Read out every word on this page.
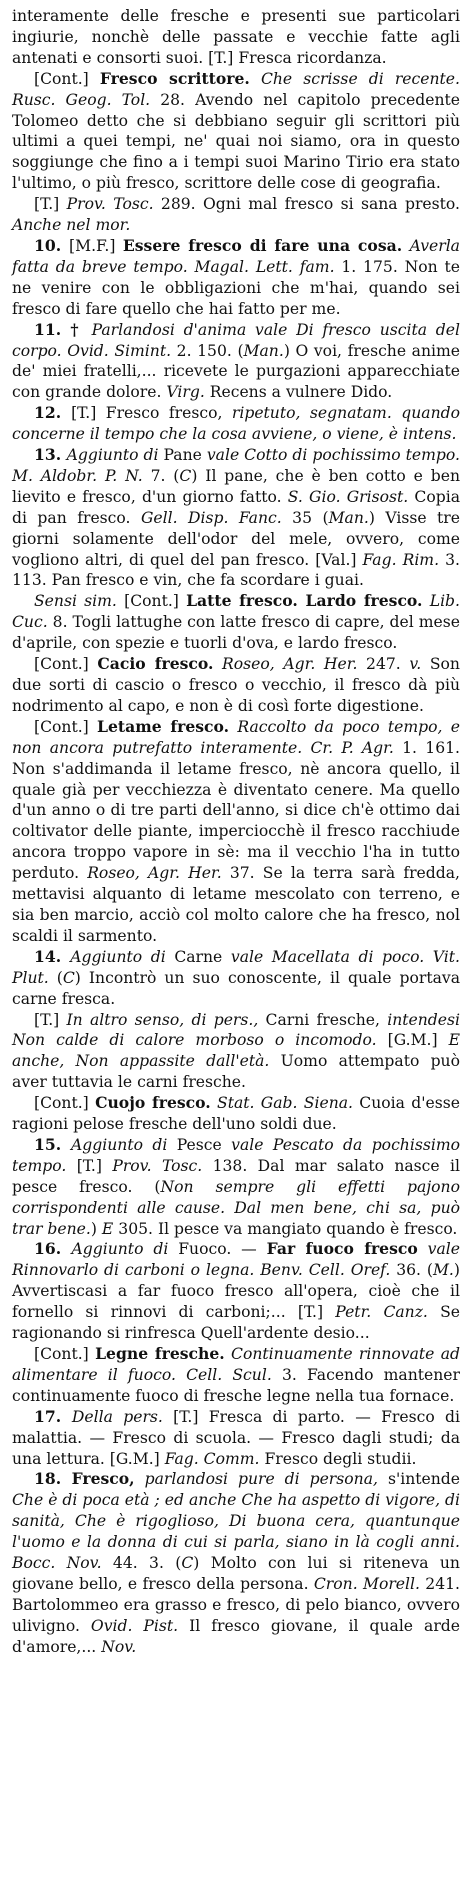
interamente delle fresche e presenti sue particolari ingiurie, nonchè delle passate e vecchie fatte agli antenati e consorti suoi. [T.] Fresca ricordanza.

[Cont.] Fresco scrittore. Che scrisse di recente. Rusc. Geog. Tol. 28. Avendo nel capitolo precedente Tolomeo detto che si debbiano seguir gli scrittori più ultimi a quei tempi, ne' quai noi siamo, ora in questo soggiunge che fino a i tempi suoi Marino Tirio era stato l'ultimo, o più fresco, scrittore delle cose di geografia.

[T.] Prov. Tosc. 289. Ogni mal fresco si sana presto. Anche nel mor.

10. [M.F.] Essere fresco di fare una cosa. Averla fatta da breve tempo. Magal. Lett. fam. 1. 175. Non te ne venire con le obbligazioni che m'hai, quando sei fresco di fare quello che hai fatto per me.

11. † Parlandosi d'anima vale Di fresco uscita del corpo. Ovid. Simint. 2. 150. (Man.) O voi, fresche anime de' miei fratelli,... ricevete le purgazioni apparecchiate con grande dolore. Virg. Recens a vulnere Dido.

12. [T.] Fresco fresco, ripetuto, segnatam. quando concerne il tempo che la cosa avviene, o viene, è intens.

13. Aggiunto di Pane vale Cotto di pochissimo tempo. M. Aldobr. P. N. 7. (C) Il pane, che è ben cotto e ben lievito e fresco, d'un giorno fatto. S. Gio. Grisost. Copia di pan fresco. Gell. Disp. Fanc. 35 (Man.) Visse tre giorni solamente dell'odor del mele, ovvero, come vogliono altri, di quel del pan fresco. [Val.] Fag. Rim. 3. 113. Pan fresco e vin, che fa scordare i guai.

Sensi sim. [Cont.] Latte fresco. Lardo fresco. Lib. Cuc. 8. Togli lattughe con latte fresco di capre, del mese d'aprile, con spezie e tuorli d'ova, e lardo fresco.

[Cont.] Cacio fresco. Roseo, Agr. Her. 247. v. Son due sorti di cascio o fresco o vecchio, il fresco dà più nodrimento al capo, e non è di così forte digestione.

[Cont.] Letame fresco. Raccolto da poco tempo, e non ancora putrefatto interamente. Cr. P. Agr. 1. 161. Non s'addimanda il letame fresco, nè ancora quello, il quale già per vecchiezza è diventato cenere. Ma quello d'un anno o di tre parti dell'anno, si dice ch'è ottimo dai coltivator delle piante, imperciocchè il fresco racchiude ancora troppo vapore in sè: ma il vecchio l'ha in tutto perduto. Roseo, Agr. Her. 37. Se la terra sarà fredda, mettavisi alquanto di letame mescolato con terreno, e sia ben marcio, acciò col molto calore che ha fresco, nol scaldi il sarmento.

14. Aggiunto di Carne vale Macellata di poco. Vit. Plut. (C) Incontrò un suo conoscente, il quale portava carne fresca.

[T.] In altro senso, di pers., Carni fresche, intendesi Non calde di calore morboso o incomodo. [G.M.] E anche, Non appassite dall'età. Uomo attempato può aver tuttavia le carni fresche.

[Cont.] Cuojo fresco. Stat. Gab. Siena. Cuoia d'esse ragioni pelose fresche dell'uno soldi due.

15. Aggiunto di Pesce vale Pescato da pochissimo tempo. [T.] Prov. Tosc. 138. Dal mar salato nasce il pesce fresco. (Non sempre gli effetti pajono corrispondenti alle cause. Dal men bene, chi sa, può trar bene.) E 305. Il pesce va mangiato quando è fresco.

16. Aggiunto di Fuoco. — Far fuoco fresco vale Rinnovarlo di carboni o legna. Benv. Cell. Oref. 36. (M.) Avvertiscasi a far fuoco fresco all'opera, cioè che il fornello si rinnovi di carboni;... [T.] Petr. Canz. Se ragionando si rinfresca Quell'ardente desio...

[Cont.] Legne fresche. Continuamente rinnovate ad alimentare il fuoco. Cell. Scul. 3. Facendo mantener continuamente fuoco di fresche legne nella tua fornace.

17. Della pers. [T.] Fresca di parto. — Fresco di malattia. — Fresco di scuola. — Fresco dagli studi; da una lettura. [G.M.] Fag. Comm. Fresco degli studii.

18. Fresco, parlandosi pure di persona, s'intende Che è di poca età ; ed anche Che ha aspetto di vigore, di sanità, Che è rigoglioso, Di buona cera, quantunque l'uomo e la donna di cui si parla, siano in là cogli anni. Bocc. Nov. 44. 3. (C) Molto con lui si riteneva un giovane bello, e fresco della persona. Cron. Morell. 241. Bartolommeo era grasso e fresco, di pelo bianco, ovvero ulivigno. Ovid. Pist. Il fresco giovane, il quale arde d'amore,... Nov.
